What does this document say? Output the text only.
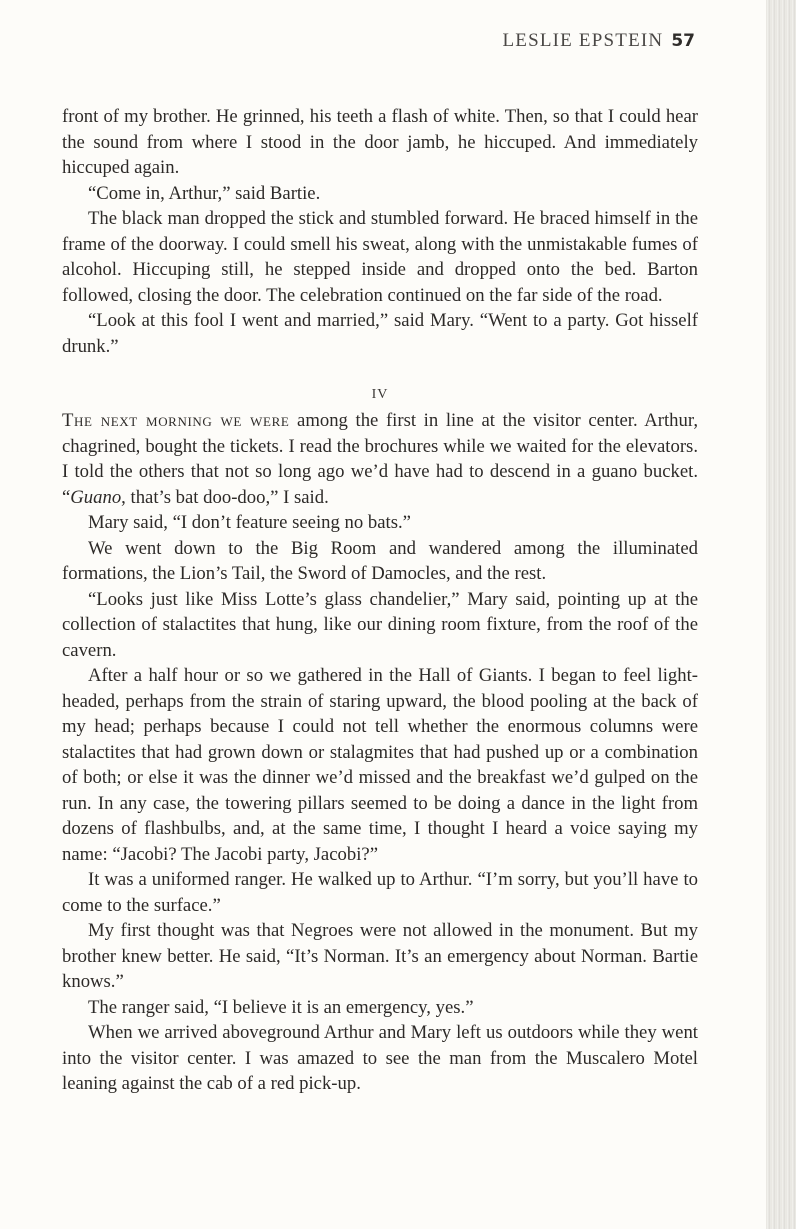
LESLIE EPSTEIN 57

front of my brother. He grinned, his teeth a flash of white. Then, so that I could hear the sound from where I stood in the door jamb, he hiccuped. And immediately hiccuped again.

“Come in, Arthur,” said Bartie.

The black man dropped the stick and stumbled forward. He braced himself in the frame of the doorway. I could smell his sweat, along with the unmistakable fumes of alcohol. Hiccuping still, he stepped inside and dropped onto the bed. Barton followed, closing the door. The celebration continued on the far side of the road.

“Look at this fool I went and married,” said Mary. “Went to a party. Got hisself drunk.”

IV

The next morning we were among the first in line at the visitor center. Arthur, chagrined, bought the tickets. I read the brochures while we waited for the elevators. I told the others that not so long ago we’d have had to descend in a guano bucket. “Guano, that’s bat doo-doo,” I said.

Mary said, “I don’t feature seeing no bats.”

We went down to the Big Room and wandered among the illuminated formations, the Lion’s Tail, the Sword of Damocles, and the rest.

“Looks just like Miss Lotte’s glass chandelier,” Mary said, pointing up at the collection of stalactites that hung, like our dining room fixture, from the roof of the cavern.

After a half hour or so we gathered in the Hall of Giants. I began to feel light-headed, perhaps from the strain of staring upward, the blood pooling at the back of my head; perhaps because I could not tell whether the enormous columns were stalactites that had grown down or stalagmites that had pushed up or a combination of both; or else it was the dinner we’d missed and the breakfast we’d gulped on the run. In any case, the towering pillars seemed to be doing a dance in the light from dozens of flashbulbs, and, at the same time, I thought I heard a voice saying my name: “Jacobi? The Jacobi party, Jacobi?”

It was a uniformed ranger. He walked up to Arthur. “I’m sorry, but you’ll have to come to the surface.”

My first thought was that Negroes were not allowed in the monument. But my brother knew better. He said, “It’s Norman. It’s an emergency about Norman. Bartie knows.”

The ranger said, “I believe it is an emergency, yes.”

When we arrived aboveground Arthur and Mary left us outdoors while they went into the visitor center. I was amazed to see the man from the Muscalero Motel leaning against the cab of a red pick-up.
